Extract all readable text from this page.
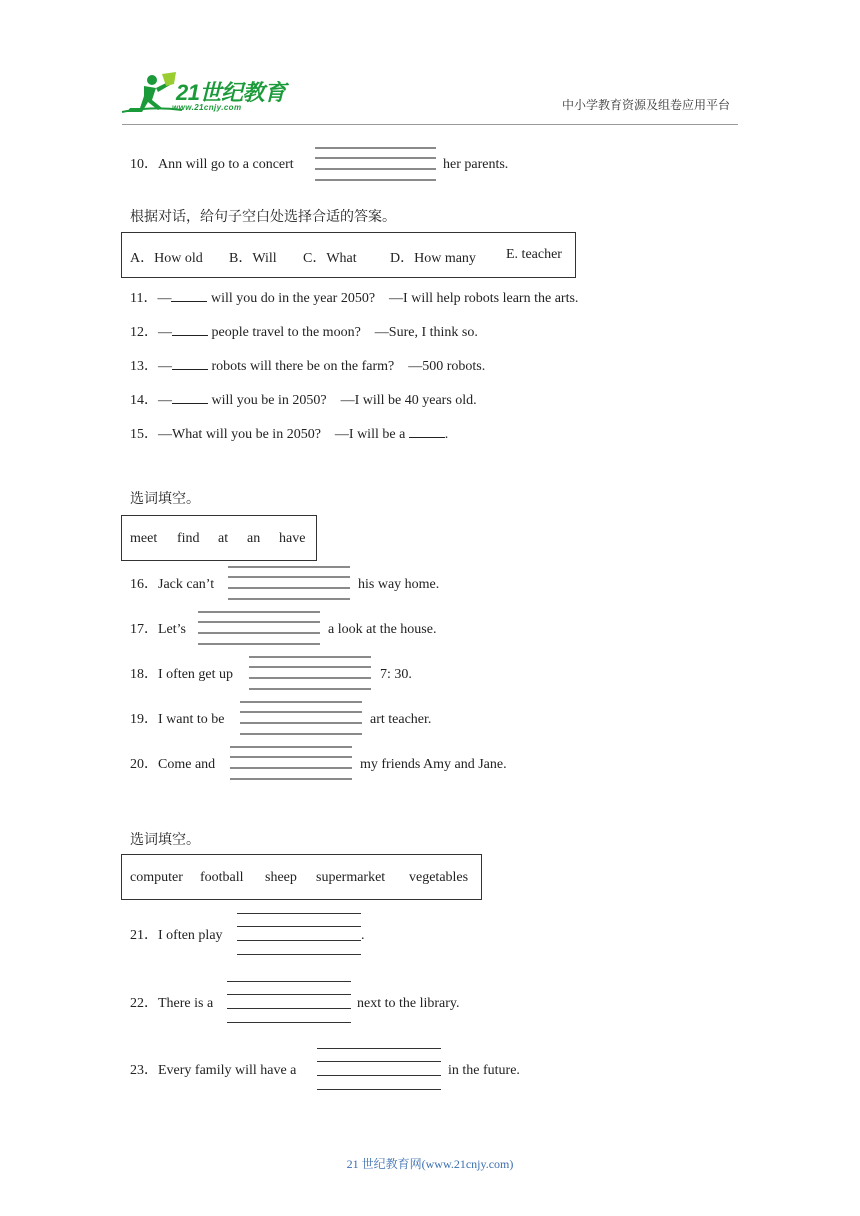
21世纪教育
www.21cnjy.com	中小学教育资源及组卷应用平台
10．Ann will go to a concert	her parents.
根据对话，给句子空白处选择合适的答案。
A．How old B．Will C．What D．How many E. teacher
11．—	will you do in the year 2050?　—I will help robots learn the arts.
12．—	people travel to the moon?　—Sure, I think so.
13．—	robots will there be on the farm?　—500 robots.
14．—	will you be in 2050?　—I will be 40 years old.
15．—What will you be in 2050?　—I will be a	.
选词填空。
meet find at an have
16．Jack can’t	his way home.
17．Let’s	a look at the house.
18．I often get up	7: 30.
19．I want to be	art teacher.
20．Come and	my friends Amy and Jane.
选词填空。
computer football sheep supermarket vegetables
21．I often play	.
22．There is a	next to the library.
23．Every family will have a	in the future.
21 世纪教育网(www.21cnjy.com)
